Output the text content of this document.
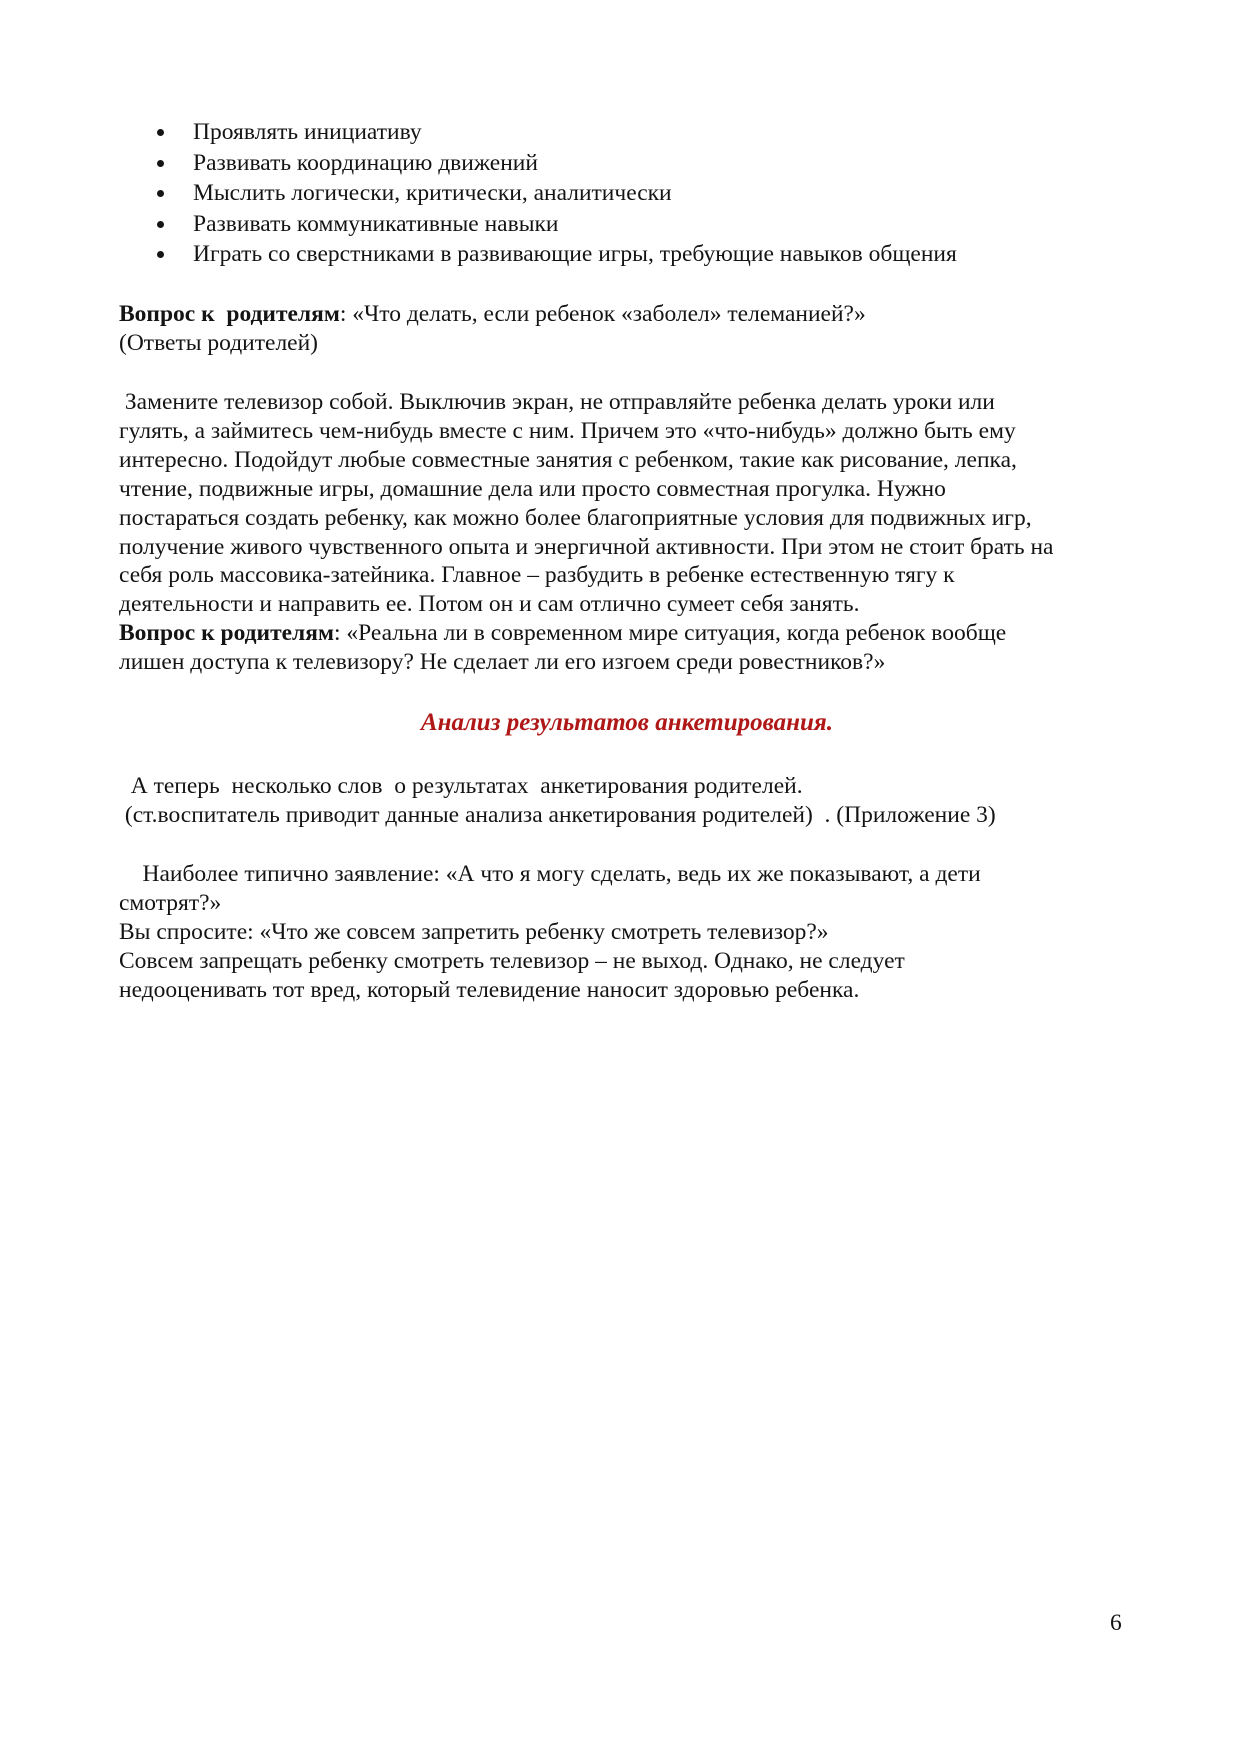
Проявлять инициативу
Развивать координацию движений
Мыслить логически, критически, аналитически
Развивать коммуникативные навыки
Играть со сверстниками в развивающие игры, требующие навыков общения
Вопрос к  родителям: «Что делать, если ребенок «заболел» телеманией?»
(Ответы родителей)
Замените телевизор собой. Выключив экран, не отправляйте ребенка делать уроки или
гулять, а займитесь чем-нибудь вместе с ним. Причем это «что-нибудь» должно быть ему
интересно. Подойдут любые совместные занятия с ребенком, такие как рисование, лепка,
чтение, подвижные игры, домашние дела или просто совместная прогулка. Нужно
постараться создать ребенку, как можно более благоприятные условия для подвижных игр,
получение живого чувственного опыта и энергичной активности. При этом не стоит брать на
себя роль массовика-затейника. Главное – разбудить в ребенке естественную тягу к
деятельности и направить ее. Потом он и сам отлично сумеет себя занять.
Вопрос к родителям: «Реальна ли в современном мире ситуация, когда ребенок вообще
лишен доступа к телевизору? Не сделает ли его изгоем среди ровестников?»
Анализ результатов анкетирования.
А теперь  несколько слов  о результатах  анкетирования родителей.
(ст.воспитатель приводит данные анализа анкетирования родителей)  . (Приложение 3)
Наиболее типично заявление: «А что я могу сделать, ведь их же показывают, а дети
смотрят?»
Вы спросите: «Что же совсем запретить ребенку смотреть телевизор?»
Совсем запрещать ребенку смотреть телевизор – не выход. Однако, не следует
недооценивать тот вред, который телевидение наносит здоровью ребенка.
6
